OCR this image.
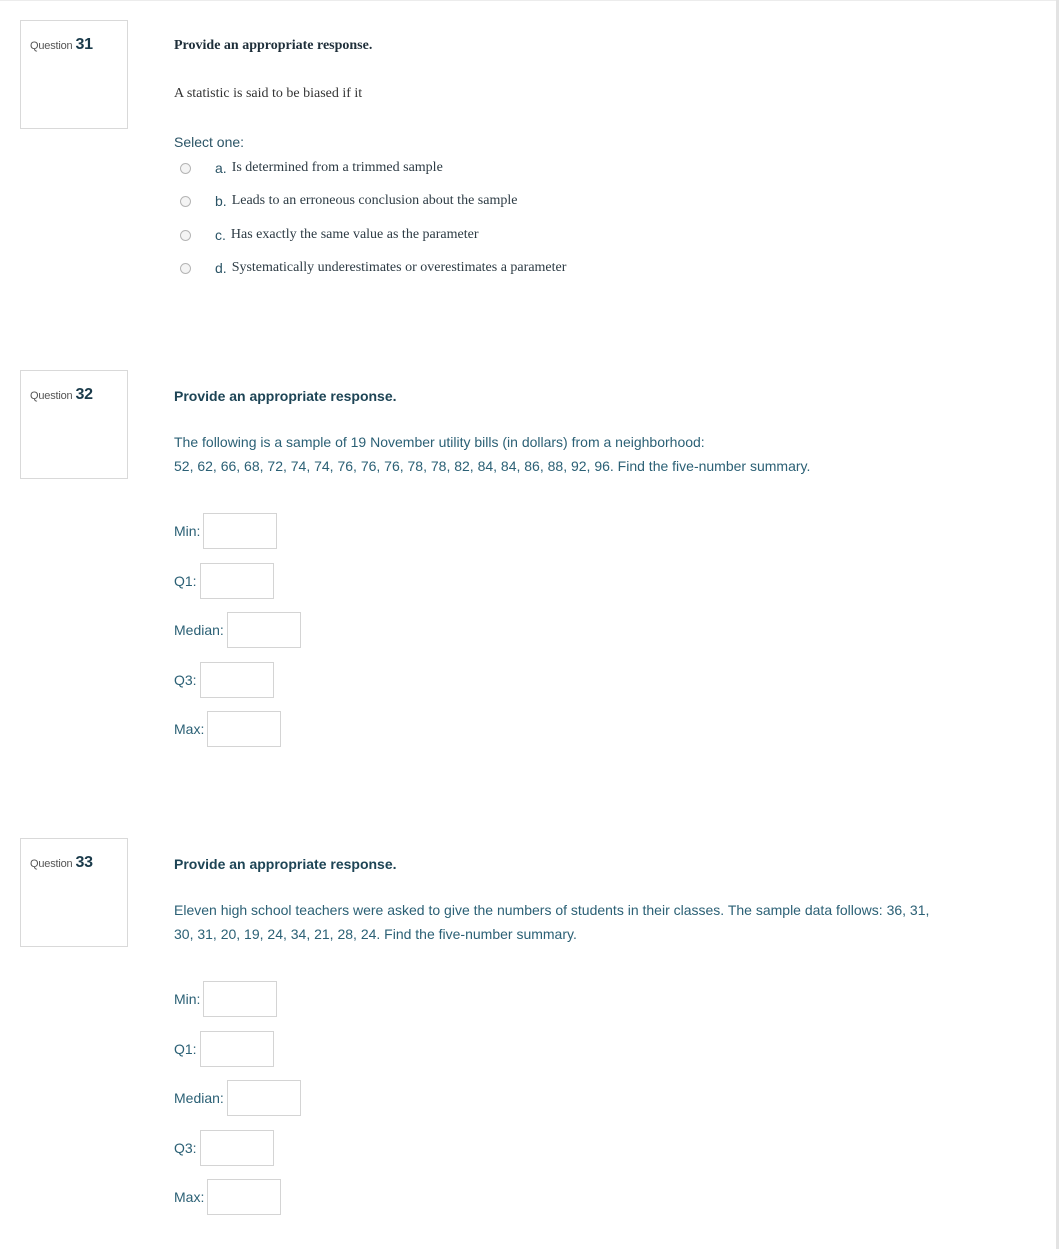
Question 31	Provide an appropriate response.
A statistic is said to be biased if it
Select one:
a. Is determined from a trimmed sample
b. Leads to an erroneous conclusion about the sample
c. Has exactly the same value as the parameter
d. Systematically underestimates or overestimates a parameter
Question 32	Provide an appropriate response.
The following is a sample of 19 November utility bills (in dollars) from a neighborhood:
52, 62, 66, 68, 72, 74, 74, 76, 76, 76, 78, 78, 82, 84, 84, 86, 88, 92, 96. Find the five-number summary.
Min:
Q1:
Median:
Q3:
Max:
Question 33	Provide an appropriate response.
Eleven high school teachers were asked to give the numbers of students in their classes. The sample data follows: 36, 31,
30, 31, 20, 19, 24, 34, 21, 28, 24. Find the five-number summary.
Min:
Q1:
Median:
Q3:
Max:
